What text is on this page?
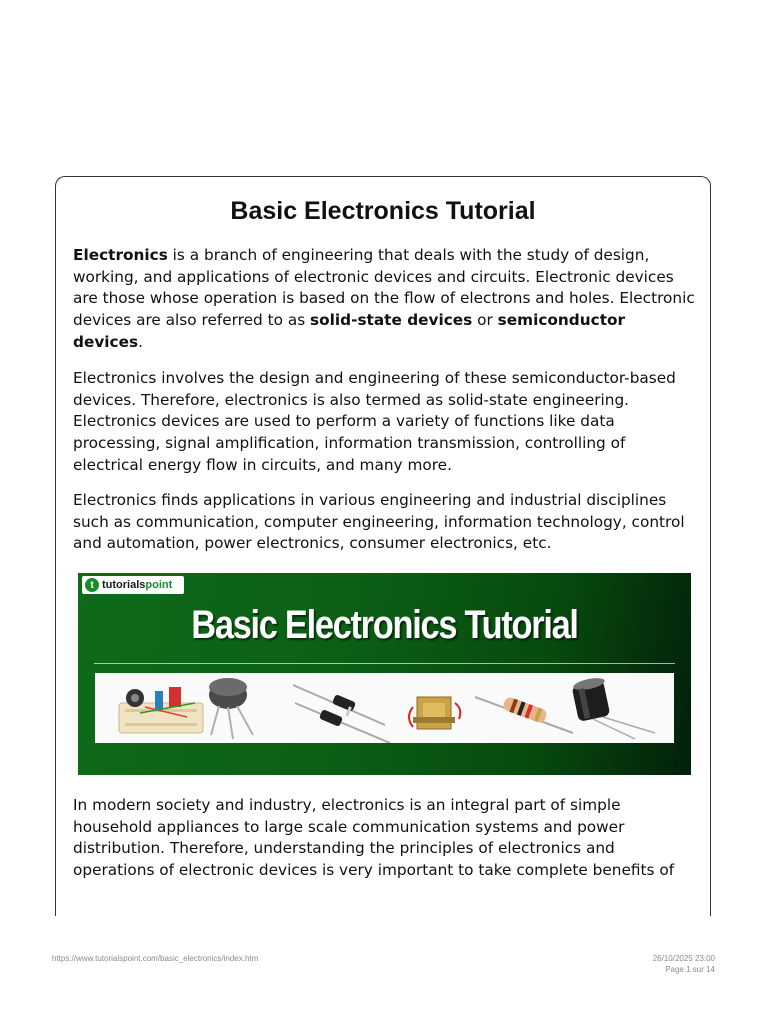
Basic Electronics Tutorial

Electronics is a branch of engineering that deals with the study of design, working, and applications of electronic devices and circuits. Electronic devices are those whose operation is based on the flow of electrons and holes. Electronic devices are also referred to as solid-state devices or semiconductor devices.

Electronics involves the design and engineering of these semiconductor-based devices. Therefore, electronics is also termed as solid-state engineering. Electronics devices are used to perform a variety of functions like data processing, signal amplification, information transmission, controlling of electrical energy flow in circuits, and many more.

Electronics finds applications in various engineering and industrial disciplines such as communication, computer engineering, information technology, control and automation, power electronics, consumer electronics, etc.

t tutorialspoint
Basic Electronics Tutorial

In modern society and industry, electronics is an integral part of simple household appliances to large scale communication systems and power distribution. Therefore, understanding the principles of electronics and operations of electronic devices is very important to take complete benefits of

https://www.tutorialspoint.com/basic_electronics/index.htm	26/10/2025 23:00
Page 1 sur 14
